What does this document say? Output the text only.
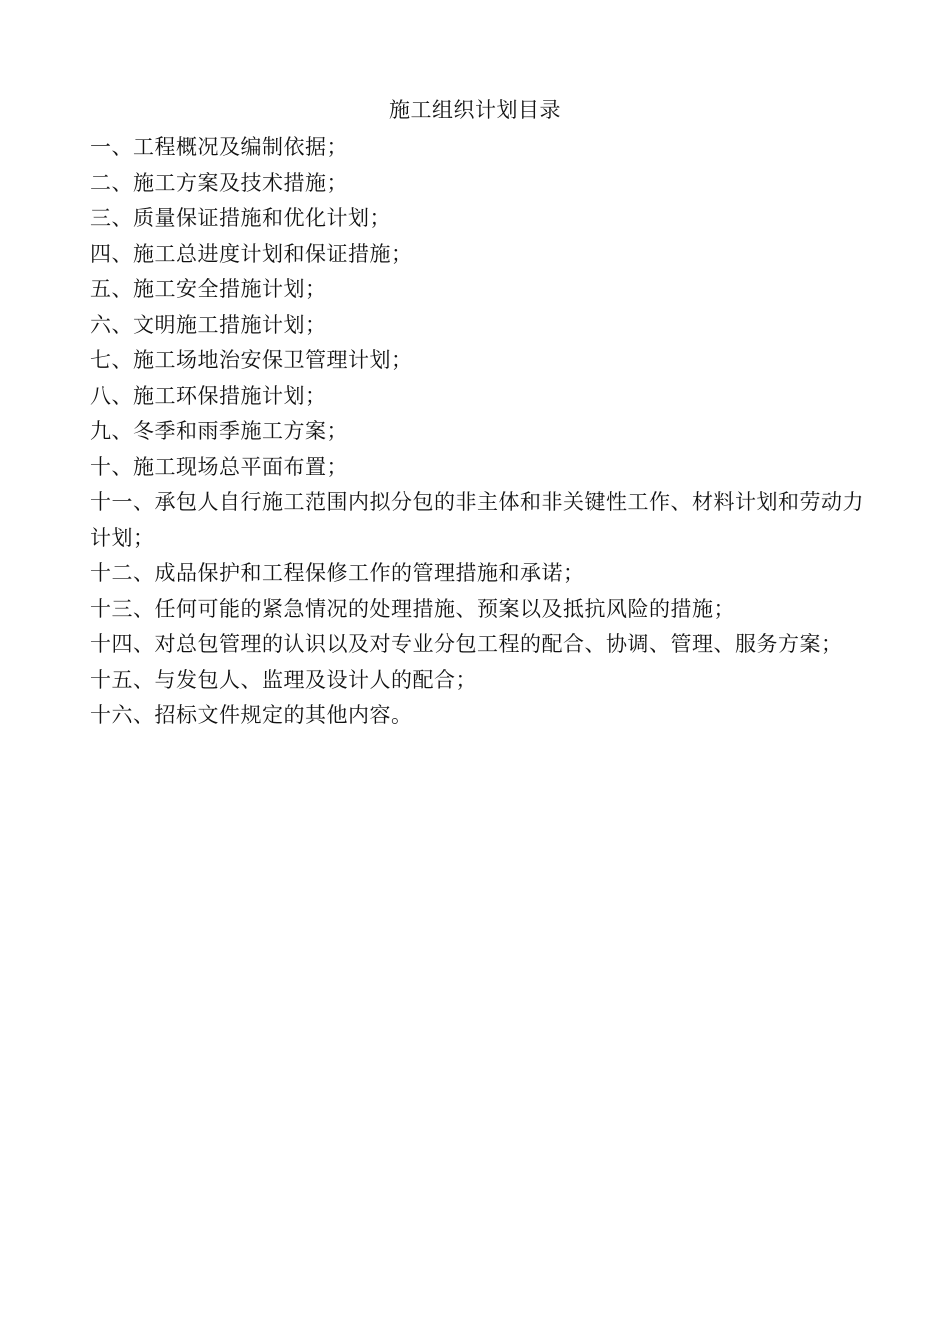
施工组织计划目录
一、工程概况及编制依据；
二、施工方案及技术措施；
三、质量保证措施和优化计划；
四、施工总进度计划和保证措施；
五、施工安全措施计划；
六、文明施工措施计划；
七、施工场地治安保卫管理计划；
八、施工环保措施计划；
九、冬季和雨季施工方案；
十、施工现场总平面布置；
十一、承包人自行施工范围内拟分包的非主体和非关键性工作、材料计划和劳动力计划；
十二、成品保护和工程保修工作的管理措施和承诺；
十三、任何可能的紧急情况的处理措施、预案以及抵抗风险的措施；
十四、对总包管理的认识以及对专业分包工程的配合、协调、管理、服务方案；
十五、与发包人、监理及设计人的配合；
十六、招标文件规定的其他内容。
